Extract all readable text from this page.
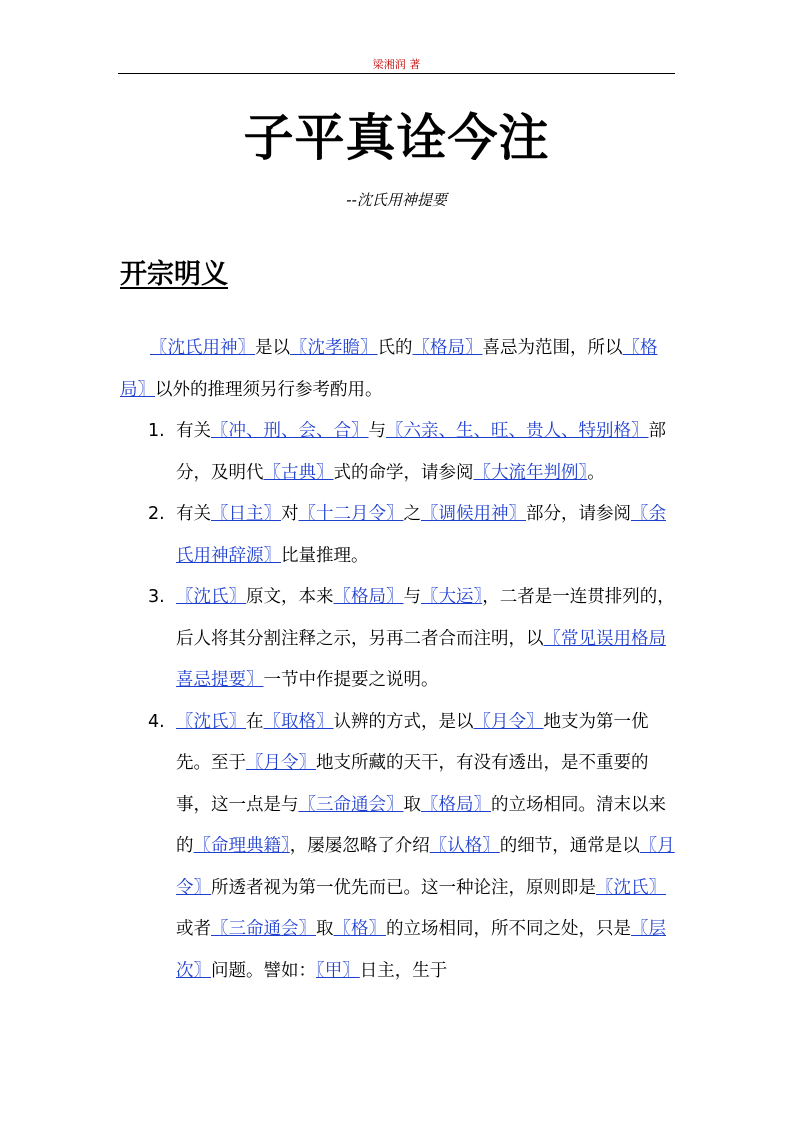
梁湘润 著
子平真诠今注
--沈氏用神提要
开宗明义

〖沈氏用神〗是以〖沈孝瞻〗氏的〖格局〗喜忌为范围，所以〖格局〗以外的推理须另行参考酌用。

1. 有关〖冲、刑、会、合〗与〖六亲、生、旺、贵人、特别格〗部分，及明代〖古典〗式的命学，请参阅〖大流年判例〗。
2. 有关〖日主〗对〖十二月令〗之〖调候用神〗部分，请参阅〖余氏用神辞源〗比量推理。
3. 〖沈氏〗原文，本来〖格局〗与〖大运〗，二者是一连贯排列的，后人将其分割注释之示，另再二者合而注明，以〖常见误用格局喜忌提要〗一节中作提要之说明。
4. 〖沈氏〗在〖取格〗认辨的方式，是以〖月令〗地支为第一优先。至于〖月令〗地支所藏的天干，有没有透出，是不重要的事，这一点是与〖三命通会〗取〖格局〗的立场相同。清末以来的〖命理典籍〗，屡屡忽略了介绍〖认格〗的细节，通常是以〖月令〗所透者视为第一优先而已。这一种论注，原则即是〖沈氏〗或者〖三命通会〗取〖格〗的立场相同，所不同之处，只是〖层次〗问题。譬如：〖甲〗日主，生于
